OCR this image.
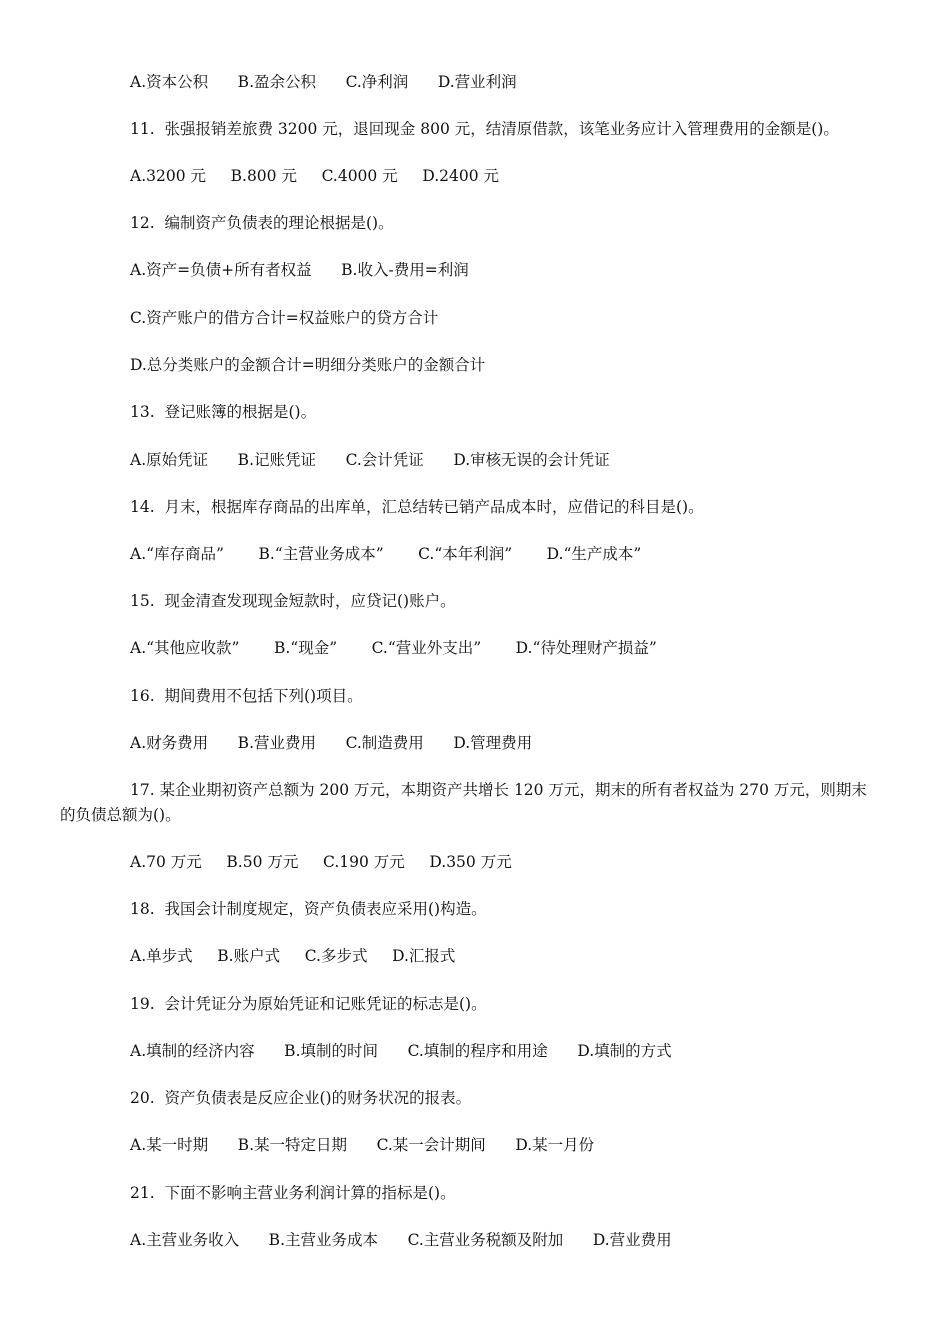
A.资本公积      B.盈余公积      C.净利润      D.营业利润
11.  张强报销差旅费 3200 元，退回现金 800 元，结清原借款，该笔业务应计入管理费用的金额是()。
A.3200 元     B.800 元     C.4000 元     D.2400 元
12.  编制资产负债表的理论根据是()。
A.资产=负债+所有者权益      B.收入-费用=利润
C.资产账户的借方合计=权益账户的贷方合计
D.总分类账户的金额合计=明细分类账户的金额合计
13.  登记账簿的根据是()。
A.原始凭证      B.记账凭证      C.会计凭证      D.审核无误的会计凭证
14.  月末，根据库存商品的出库单，汇总结转已销产品成本时，应借记的科目是()。
A.“库存商品”       B.“主营业务成本”       C.“本年利润”       D.“生产成本”
15.  现金清查发现现金短款时，应贷记()账户。
A.“其他应收款”       B.“现金”       C.“营业外支出”       D.“待处理财产损益”
16.  期间费用不包括下列()项目。
A.财务费用      B.营业费用      C.制造费用      D.管理费用
17. 某企业期初资产总额为 200 万元，本期资产共增长 120 万元，期末的所有者权益为 270 万元，则期末的负债总额为()。
A.70 万元     B.50 万元     C.190 万元     D.350 万元
18.  我国会计制度规定，资产负债表应采用()构造。
A.单步式     B.账户式     C.多步式     D.汇报式
19.  会计凭证分为原始凭证和记账凭证的标志是()。
A.填制的经济内容      B.填制的时间      C.填制的程序和用途      D.填制的方式
20.  资产负债表是反应企业()的财务状况的报表。
A.某一时期      B.某一特定日期      C.某一会计期间      D.某一月份
21.  下面不影响主营业务利润计算的指标是()。
A.主营业务收入      B.主营业务成本      C.主营业务税额及附加      D.营业费用
